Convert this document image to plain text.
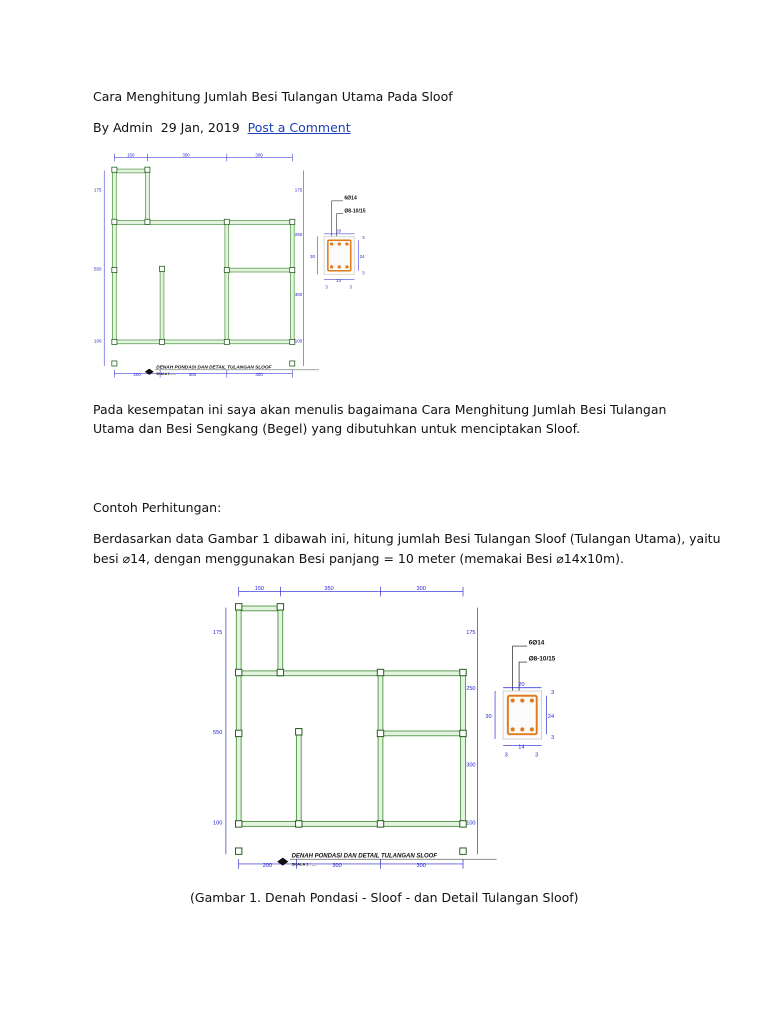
Cara Menghitung Jumlah Besi Tulangan Utama Pada Sloof
By Admin 29 Jan, 2019 Post a Comment
150	350	300
175
550
100
175
250
300
100
200	300	300
6Ø14
Ø8-10/15
20
30	24
3
3
14
3	3
DENAH PONDASI DAN DETAIL TULANGAN SLOOF
SKALA 1 : ....
Pada kesempatan ini saya akan menulis bagaimana Cara Menghitung Jumlah Besi Tulangan
Utama dan Besi Sengkang (Begel) yang dibutuhkan untuk menciptakan Sloof.
Contoh Perhitungan:
Berdasarkan data Gambar 1 dibawah ini, hitung jumlah Besi Tulangan Sloof (Tulangan Utama), yaitu
besi ⌀14, dengan menggunakan Besi panjang = 10 meter (memakai Besi ⌀14x10m).
150	350	300
175
550
100
175
250
300
100
200	300	300
6Ø14
Ø8-10/15
20
30	24
3
3
14
3	3
DENAH PONDASI DAN DETAIL TULANGAN SLOOF
SKALA 1 : ....
(Gambar 1. Denah Pondasi - Sloof - dan Detail Tulangan Sloof)
